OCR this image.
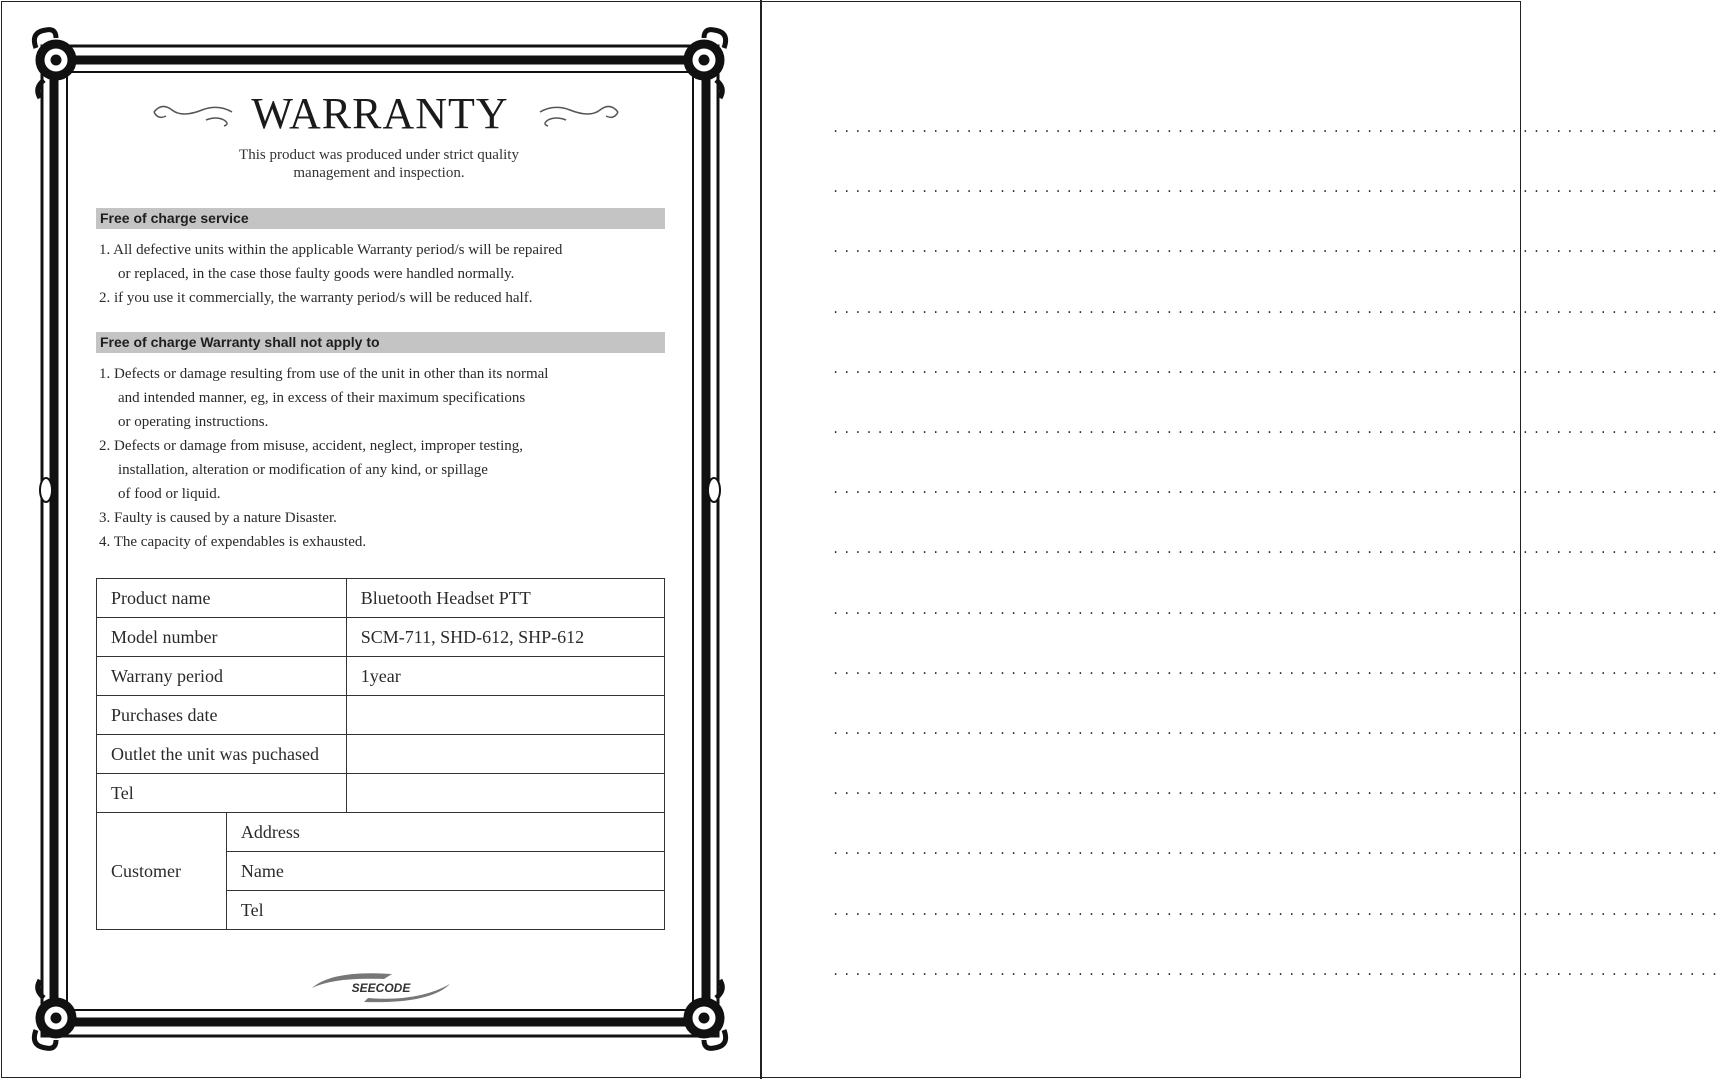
WARRANTY
This product was produced under strict quality
management and inspection.
Free of charge service
1. All defective units within the applicable Warranty period/s will be repaired
or replaced, in the case those faulty goods were handled normally.
2. if you use it commercially, the warranty period/s will be reduced half.
Free of charge Warranty shall not apply to
1. Defects or damage resulting from use of the unit in other than its normal
and intended manner, eg, in excess of their maximum specifications
or operating instructions.
2. Defects or damage from misuse, accident, neglect, improper testing,
installation, alteration or modification of any kind, or spillage
of food or liquid.
3. Faulty is caused by a nature Disaster.
4. The capacity of expendables is exhausted.
Product name		Bluetooth Headset PTT
Model number		SCM-711, SHD-612, SHP-612
Warrany period		1year
Purchases date		
Outlet the unit was puchased		
Tel		
Customer	Address	
	Name	
	Tel	
SEECODE
................................................................................
................................................................................
................................................................................
................................................................................
................................................................................
................................................................................
................................................................................
................................................................................
................................................................................
................................................................................
................................................................................
................................................................................
................................................................................
................................................................................
................................................................................
